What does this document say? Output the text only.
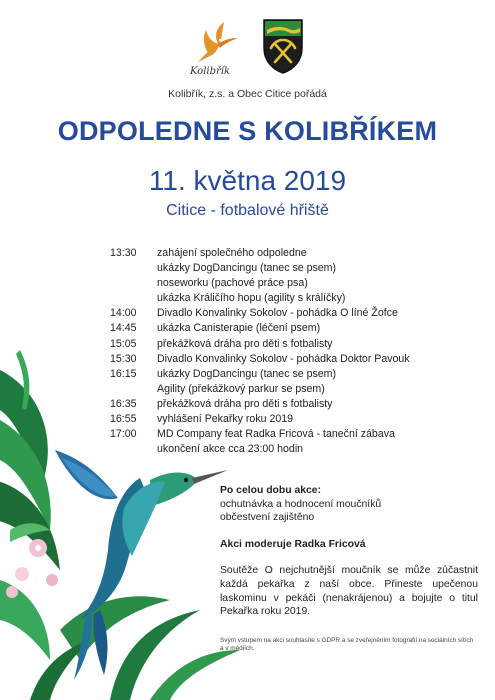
Kolibřík
Kolibřík, z.s. a Obec Citice pořádá
ODPOLEDNE S KOLIBŘÍKEM
11. května 2019
Citice - fotbalové hřiště
13:30	zahájení společného odpoledne
ukázky DogDancingu (tanec se psem)
noseworku (pachové práce psa)
ukázka Králičího hopu (agility s králíčky)
14:00	Divadlo Konvalinky Sokolov - pohádka O líné Žofce
14:45	ukázka Canisterapie (léčení psem)
15:05	překážková dráha pro děti s fotbalisty
15:30	Divadlo Konvalinky Sokolov - pohádka Doktor Pavouk
16:15	ukázky DogDancingu (tanec se psem)
Agility (překážkový parkur se psem)
16:35	překážková dráha pro děti s fotbalisty
16:55	vyhlášení Pekařky roku 2019
17:00	MD Company feat Radka Fricová - taneční zábava
ukončení akce cca 23:00 hodin
Po celou dobu akce:
ochutnávka a hodnocení moučníků
občestvení zajištěno
Akci moderuje Radka Fricová
Soutěže O nejchutnější moučník se může zúčastnit každá pekařka z naší obce. Přineste upečenou laskominu v pekáči (nenakrájenou) a bojujte o titul Pekařka roku 2019.
Svým vstupem na akci souhlasíte s GDPR a se zveřejněním fotografií na sociálních sítích a v médiích.
